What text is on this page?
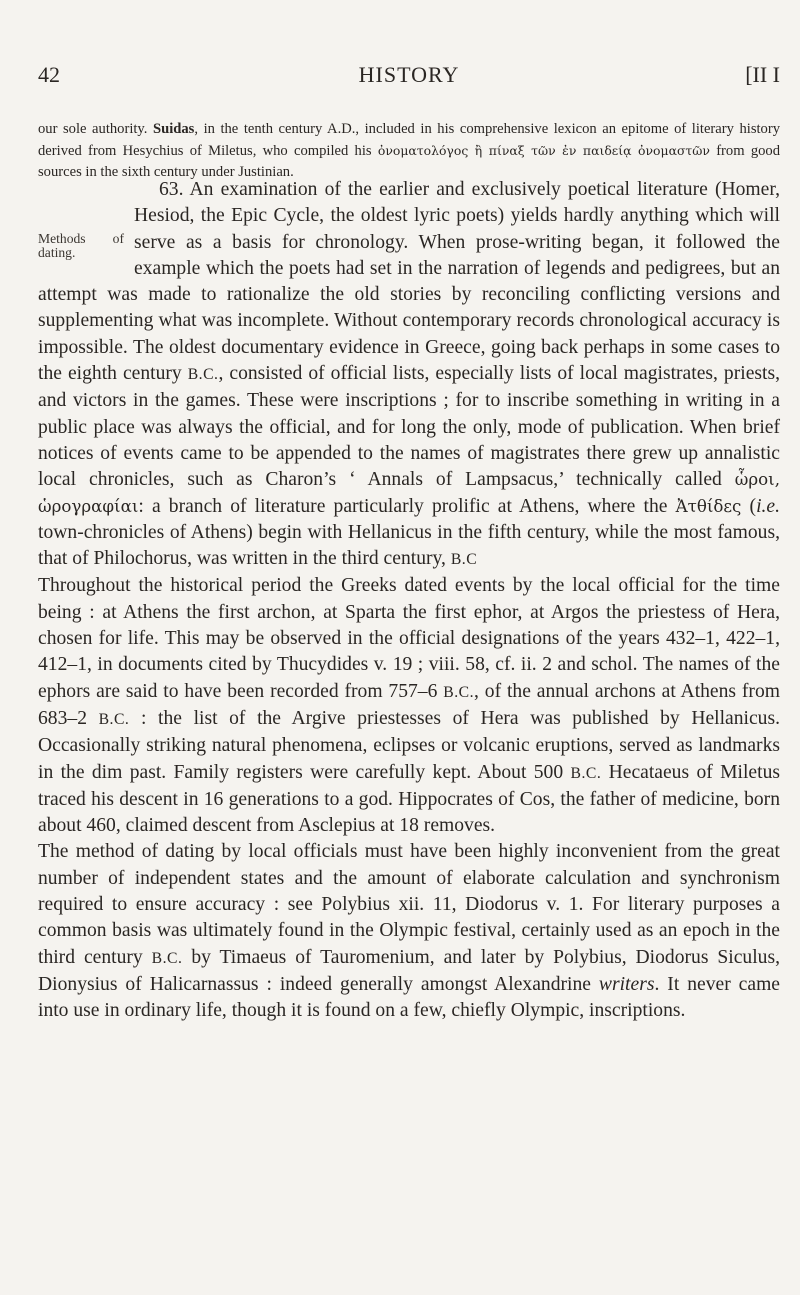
42	HISTORY	[II I
our sole authority. Suidas, in the tenth century A.D., included in his comprehensive lexicon an epitome of literary history derived from Hesychius of Miletus, who compiled his ὀνοματολόγος ἢ πίναξ τῶν ἐν παιδείᾳ ὀνομαστῶν from good sources in the sixth century under Justinian.

Methods of dating.
63. An examination of the earlier and exclusively poetical literature (Homer, Hesiod, the Epic Cycle, the oldest lyric poets) yields hardly anything which will serve as a basis for chronology. When prose-writing began, it followed the example which the poets had set in the narration of legends and pedigrees, but an attempt was made to rationalize the old stories by reconciling conflicting versions and supplementing what was incomplete. Without contemporary records chronological accuracy is impossible. The oldest documentary evidence in Greece, going back perhaps in some cases to the eighth century B.C., consisted of official lists, especially lists of local magistrates, priests, and victors in the games. These were inscriptions ; for to inscribe something in writing in a public place was always the official, and for long the only, mode of publication. When brief notices of events came to be appended to the names of magistrates there grew up annalistic local chronicles, such as Charon’s ‘ Annals of Lampsacus,’ technically called ὧροι, ὡρογραφίαι: a branch of literature particularly prolific at Athens, where the Ἀτθίδες (i.e. town-chronicles of Athens) begin with Hellanicus in the fifth century, while the most famous, that of Philochorus, was written in the third century, B.C

Throughout the historical period the Greeks dated events by the local official for the time being : at Athens the first archon, at Sparta the first ephor, at Argos the priestess of Hera, chosen for life. This may be observed in the official designations of the years 432–1, 422–1, 412–1, in documents cited by Thucydides v. 19 ; viii. 58, cf. ii. 2 and schol. The names of the ephors are said to have been recorded from 757–6 B.C., of the annual archons at Athens from 683–2 B.C. : the list of the Argive priestesses of Hera was published by Hellanicus. Occasionally striking natural phenomena, eclipses or volcanic eruptions, served as landmarks in the dim past. Family registers were carefully kept. About 500 B.C. Hecataeus of Miletus traced his descent in 16 generations to a god. Hippocrates of Cos, the father of medicine, born about 460, claimed descent from Asclepius at 18 removes.

The method of dating by local officials must have been highly inconvenient from the great number of independent states and the amount of elaborate calculation and synchronism required to ensure accuracy : see Polybius xii. 11, Diodorus v. 1. For literary purposes a common basis was ultimately found in the Olympic festival, certainly used as an epoch in the third century B.C. by Timaeus of Tauromenium, and later by Polybius, Diodorus Siculus, Dionysius of Halicarnassus : indeed generally amongst Alexandrine writers. It never came into use in ordinary life, though it is found on a few, chiefly Olympic, inscriptions.
